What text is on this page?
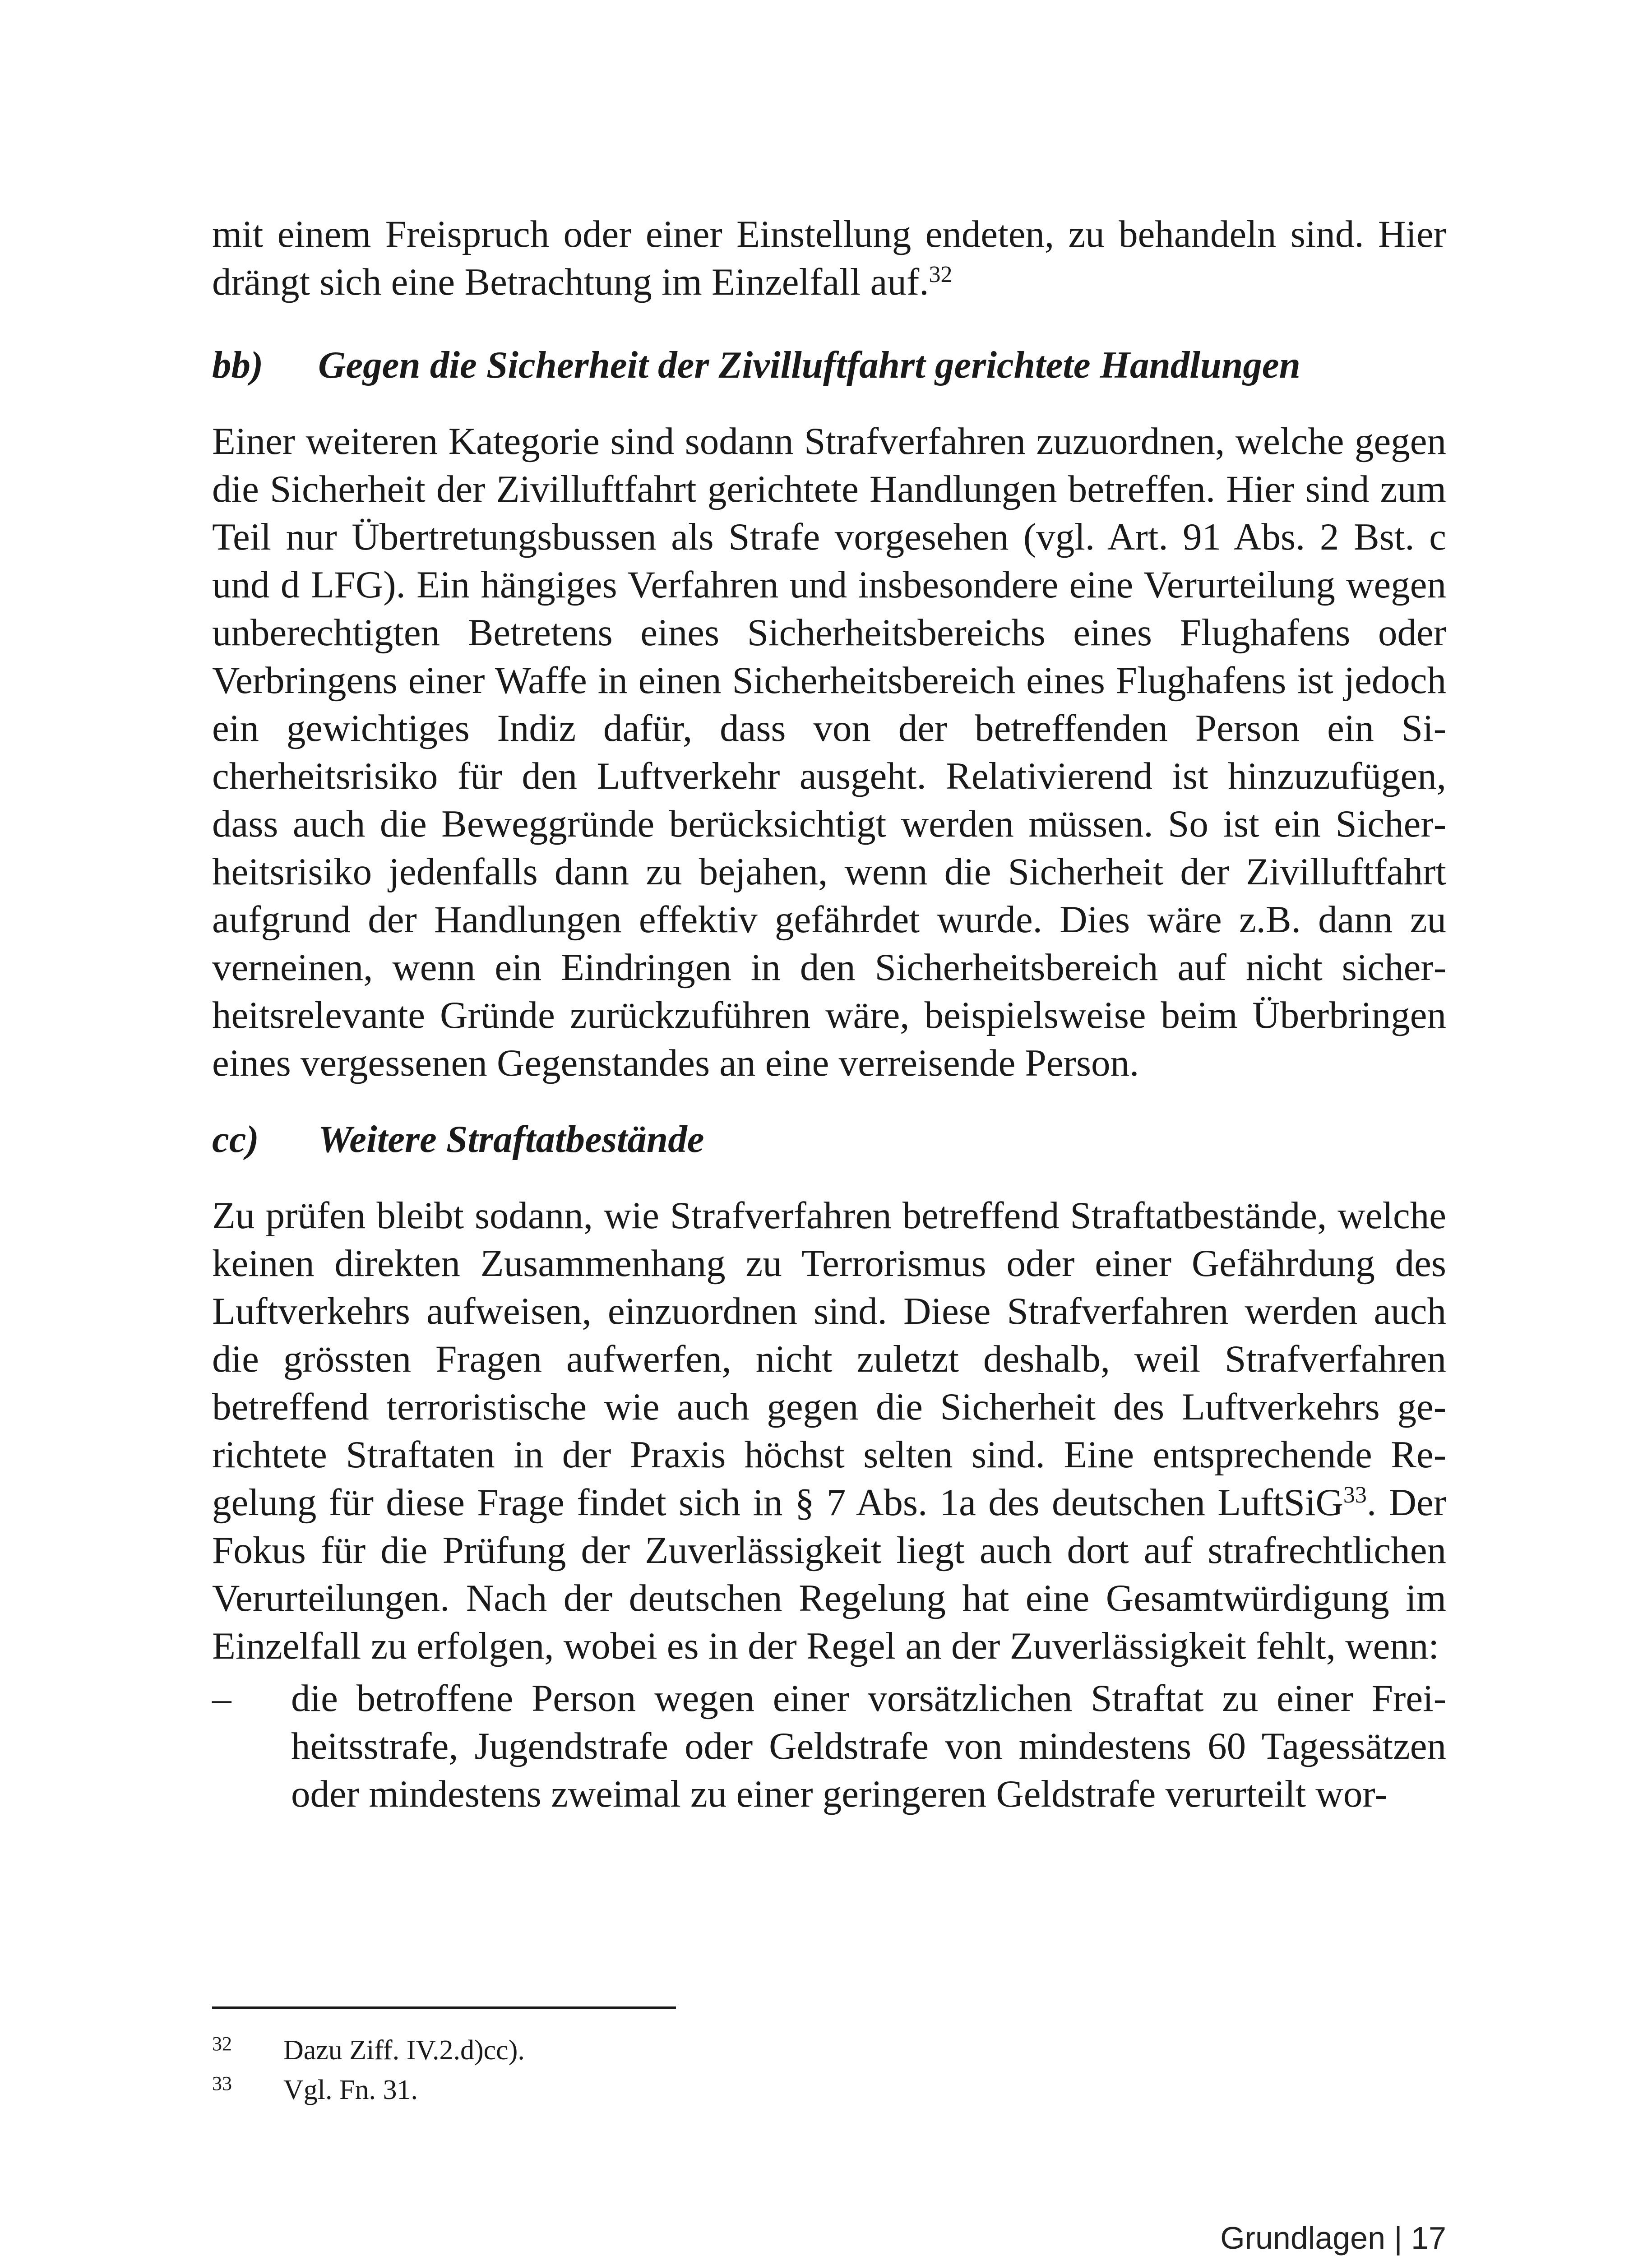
mit einem Freispruch oder einer Einstellung endeten, zu behandeln sind. Hier drängt sich eine Betrachtung im Einzelfall auf.$^{32}$

bb)	Gegen die Sicherheit der Zivilluftfahrt gerichtete Handlungen

Einer weiteren Kategorie sind sodann Strafverfahren zuzuordnen, welche gegen die Sicherheit der Zivilluftfahrt gerichtete Handlungen betreffen. Hier sind zum Teil nur Übertretungsbussen als Strafe vorgesehen (vgl. Art. 91 Abs. 2 Bst. c und d LFG). Ein hängiges Verfahren und insbesondere eine Verurteilung wegen unberechtigten Betretens eines Sicherheitsbereichs eines Flughafens oder Verbringens einer Waffe in einen Sicherheitsbereich eines Flughafens ist jedoch ein gewichtiges Indiz dafür, dass von der betreffenden Person ein Sicherheitsrisiko für den Luftverkehr ausgeht. Relativierend ist hinzuzufügen, dass auch die Beweggründe berücksichtigt werden müssen. So ist ein Sicherheitsrisiko jedenfalls dann zu bejahen, wenn die Sicherheit der Zivilluftfahrt aufgrund der Handlungen effektiv gefährdet wurde. Dies wäre z.B. dann zu verneinen, wenn ein Eindringen in den Sicherheitsbereich auf nicht sicherheitsrelevante Gründe zurückzuführen wäre, beispielsweise beim Überbringen eines vergessenen Gegenstandes an eine verreisende Person.

cc)	Weitere Straftatbestände

Zu prüfen bleibt sodann, wie Strafverfahren betreffend Straftatbestände, welche keinen direkten Zusammenhang zu Terrorismus oder einer Gefährdung des Luftverkehrs aufweisen, einzuordnen sind. Diese Strafverfahren werden auch die grössten Fragen aufwerfen, nicht zuletzt deshalb, weil Strafverfahren betreffend terroristische wie auch gegen die Sicherheit des Luftverkehrs gerichtete Straftaten in der Praxis höchst selten sind. Eine entsprechende Regelung für diese Frage findet sich in § 7 Abs. 1a des deutschen LuftSiG$^{33}$. Der Fokus für die Prüfung der Zuverlässigkeit liegt auch dort auf strafrechtlichen Verurteilungen. Nach der deutschen Regelung hat eine Gesamtwürdigung im Einzelfall zu erfolgen, wobei es in der Regel an der Zuverlässigkeit fehlt, wenn:

–	die betroffene Person wegen einer vorsätzlichen Straftat zu einer Freiheitsstrafe, Jugendstrafe oder Geldstrafe von mindestens 60 Tagessätzen oder mindestens zweimal zu einer geringeren Geldstrafe verurteilt wor-
32	Dazu Ziff. IV.2.d)cc).
33	Vgl. Fn. 31.
Grundlagen | 17
